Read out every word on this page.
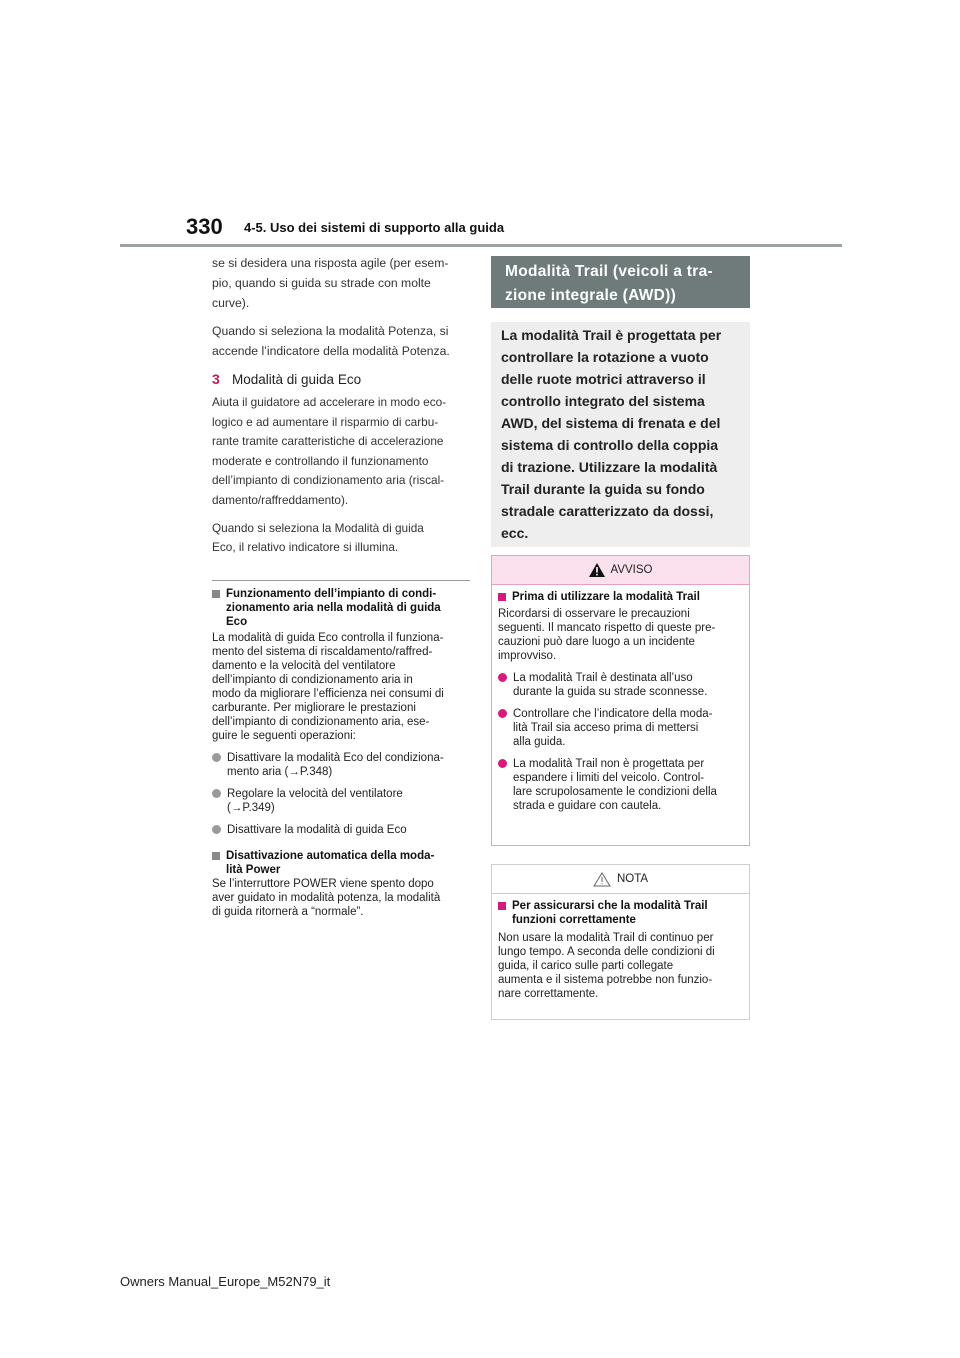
330 4-5. Uso dei sistemi di supporto alla guida

se si desidera una risposta agile (per esem-
pio, quando si guida su strade con molte
curve).

Quando si seleziona la modalità Potenza, si
accende l’indicatore della modalità Potenza.

3 Modalità di guida Eco

Aiuta il guidatore ad accelerare in modo eco-
logico e ad aumentare il risparmio di carbu-
rante tramite caratteristiche di accelerazione
moderate e controllando il funzionamento
dell’impianto di condizionamento aria (riscal-
damento/raffreddamento).

Quando si seleziona la Modalità di guida
Eco, il relativo indicatore si illumina.

Funzionamento dell’impianto di condi-
zionamento aria nella modalità di guida
Eco

La modalità di guida Eco controlla il funziona-
mento del sistema di riscaldamento/raffred-
damento e la velocità del ventilatore
dell’impianto di condizionamento aria in
modo da migliorare l’efficienza nei consumi di
carburante. Per migliorare le prestazioni
dell’impianto di condizionamento aria, ese-
guire le seguenti operazioni:

Disattivare la modalità Eco del condiziona-
mento aria (→P.348)
Regolare la velocità del ventilatore
(→P.349)
Disattivare la modalità di guida Eco
Disattivazione automatica della moda-
lità Power

Se l’interruttore POWER viene spento dopo
aver guidato in modalità potenza, la modalità
di guida ritornerà a “normale”.

Modalità Trail (veicoli a tra-
zione integrale (AWD))
La modalità Trail è progettata per
controllare la rotazione a vuoto
delle ruote motrici attraverso il
controllo integrato del sistema
AWD, del sistema di frenata e del
sistema di controllo della coppia
di trazione. Utilizzare la modalità
Trail durante la guida su fondo
stradale caratterizzato da dossi,
ecc.
AVVISO
Prima di utilizzare la modalità Trail

Ricordarsi di osservare le precauzioni
seguenti. Il mancato rispetto di queste pre-
cauzioni può dare luogo a un incidente
improvviso.

La modalità Trail è destinata all’uso
durante la guida su strade sconnesse.
Controllare che l’indicatore della moda-
lità Trail sia acceso prima di mettersi
alla guida.
La modalità Trail non è progettata per
espandere i limiti del veicolo. Control-
lare scrupolosamente le condizioni della
strada e guidare con cautela.
NOTA
Per assicurarsi che la modalità Trail
funzioni correttamente

Non usare la modalità Trail di continuo per
lungo tempo. A seconda delle condizioni di
guida, il carico sulle parti collegate
aumenta e il sistema potrebbe non funzio-
nare correttamente.

Owners Manual_Europe_M52N79_it
